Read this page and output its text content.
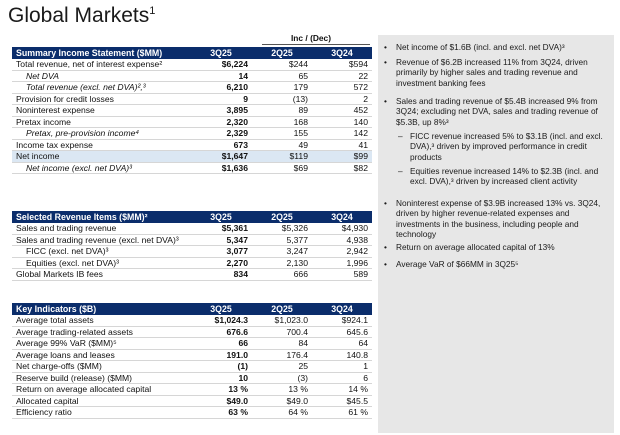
Global Markets$^1$
Inc / (Dec)
Summary Income Statement ($MM)	3Q25	2Q25	3Q24
Total revenue, net of interest expense²	$6,224	$244	$594
Net DVA	14	65	22
Total revenue (excl. net DVA)²,³	6,210	179	572
Provision for credit losses	9	(13)	2
Noninterest expense	3,895	89	452
Pretax income	2,320	168	140
Pretax, pre-provision income⁴	2,329	155	142
Income tax expense	673	49	41
Net income	$1,647	$119	$99
Net income (excl. net DVA)³	$1,636	$69	$82
Selected Revenue Items ($MM)²	3Q25	2Q25	3Q24
Sales and trading revenue	$5,361	$5,326	$4,930
Sales and trading revenue (excl. net DVA)³	5,347	5,377	4,938
FICC (excl. net DVA)³	3,077	3,247	2,942
Equities (excl. net DVA)³	2,270	2,130	1,996
Global Markets IB fees	834	666	589
Key Indicators ($B)	3Q25	2Q25	3Q24
Average total assets	$1,024.3	$1,023.0	$924.1
Average trading-related assets	676.6	700.4	645.6
Average 99% VaR ($MM)⁵	66	84	64
Average loans and leases	191.0	176.4	140.8
Net charge-offs ($MM)	(1)	25	1
Reserve build (release) ($MM)	10	(3)	6
Return on average allocated capital	13 %	13 %	14 %
Allocated capital	$49.0	$49.0	$45.5
Efficiency ratio	63 %	64 %	61 %
• Net income of $1.6B (incl. and excl. net DVA)³
• Revenue of $6.2B increased 11% from 3Q24, driven primarily by higher sales and trading revenue and investment banking fees
• Sales and trading revenue of $5.4B increased 9% from 3Q24; excluding net DVA, sales and trading revenue of $5.3B, up 8%³
– FICC revenue increased 5% to $3.1B (incl. and excl. DVA),³ driven by improved performance in credit products
– Equities revenue increased 14% to $2.3B (incl. and excl. DVA),³ driven by increased client activity
• Noninterest expense of $3.9B increased 13% vs. 3Q24, driven by higher revenue-related expenses and investments in the business, including people and technology
• Return on average allocated capital of 13%
• Average VaR of $66MM in 3Q25⁵
